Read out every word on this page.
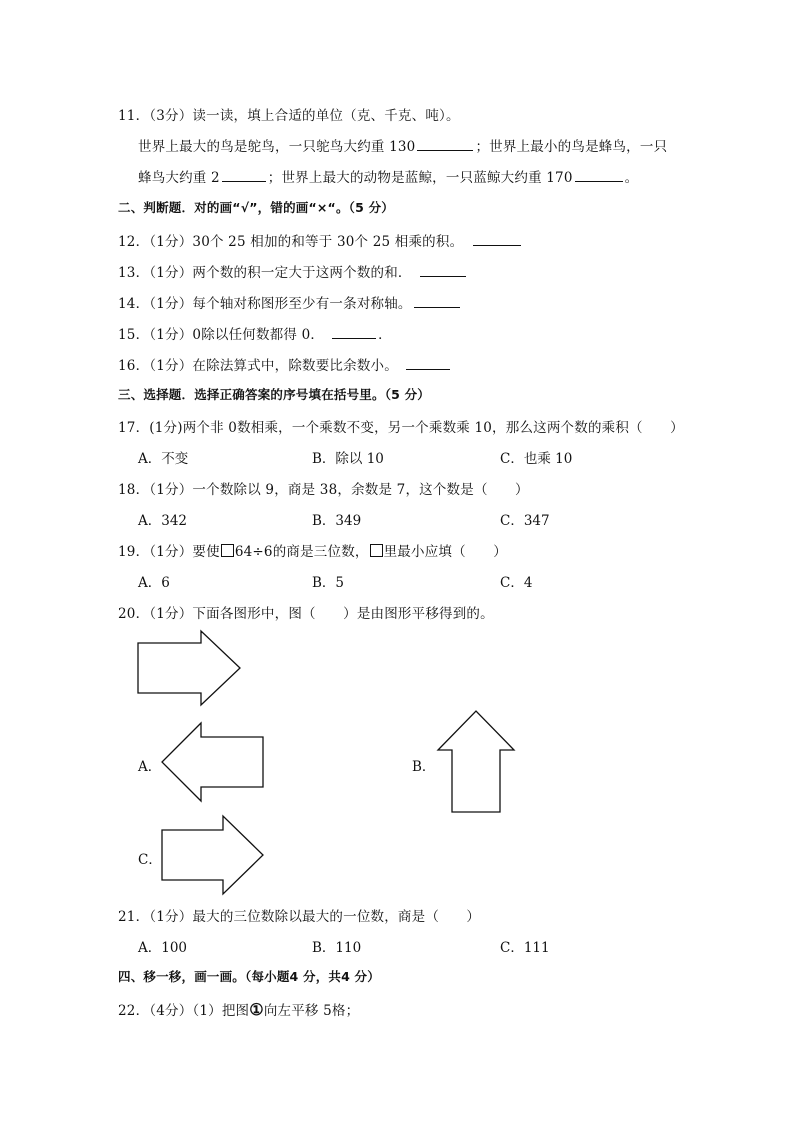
11．（3分）读一读，填上合适的单位（克、千克、吨）。
世界上最大的鸟是鸵鸟，一只鸵鸟大约重 130	；世界上最小的鸟是蜂鸟，一只
蜂鸟大约重 2	；世界上最大的动物是蓝鲸，一只蓝鲸大约重 170	。
二、判断题．对的画“√”，错的画“×“。（5 分）
12．（1分）30个 25 相加的和等于 30个 25 相乘的积。
13．（1分）两个数的积一定大于这两个数的和．
14．（1分）每个轴对称图形至少有一条对称轴。
15．（1分）0除以任何数都得 0．	．
16．（1分）在除法算式中，除数要比余数小。
三、选择题．选择正确答案的序号填在括号里。（5 分）
17．(1分)两个非 0数相乘，一个乘数不变，另一个乘数乘 10，那么这两个数的乘积（　　）
A．不变	B．除以 10	C．也乘 10
18．（1分）一个数除以 9，商是 38，余数是 7，这个数是（　　）
A．342	B．349	C．347
19．（1分）要使 64÷6的商是三位数， 里最小应填（　　）
A．6	B．5	C．4
20．（1分）下面各图形中，图（　　）是由图形平移得到的。
A．	B．
C．
21．（1分）最大的三位数除以最大的一位数，商是（　　）
A．100	B．110	C．111
四、移一移，画一画。（每小题4 分，共4 分）
22．（4分）（1）把图①向左平移 5格；
